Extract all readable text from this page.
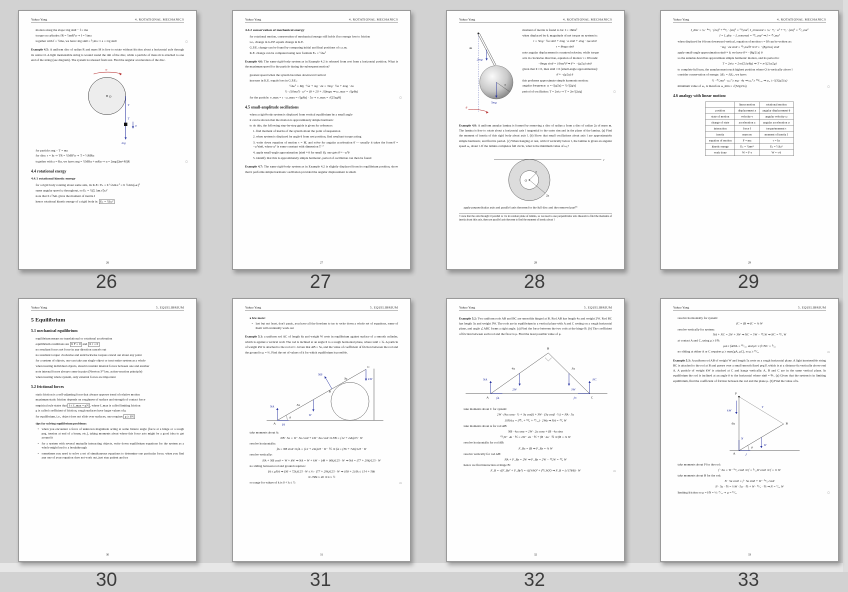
Yuhao Yang	4. ROTATIONAL MECHANICS
motion along the slope: mg sinθ − f = ma
torque on cylinder: fR = ½mR²α ⇒ f = ½ma
together with f = ½ma, we have: mg sinθ = ³⁄₂ma ⇒ a = ⅔g sinθ	□
Example 4.5: A uniform disc of radius R and mass M is free to rotate without friction about a horizontal axle through its centre O. A light inextensible string is wound round the rim of the disc, while a particle of mass m is attached to one end of the string (see diagram). The system is released from rest. Find the angular acceleration of the disc.
α
O
T
T
a
mg
for particle: mg − T = ma
for disc: τ = Iα ⇒ TR = ½MR²α ⇒ T = ½MRα
together with a = Rα, we have: mg = ½MRα + mRα ⇒ α = 2mg⁄(2m+M)R	□
4.4 rotational energy
4.4.1 rotational kinetic energy
for a rigid body rotating about some axis, its K.E.: Eₖ = Σ ½Δmᵢvᵢ² = Σ ½Δmᵢ(ωrᵢ)²
same angular speed ω throughout, so Eₖ = ½(Σ Δmᵢrᵢ²)ω²
note that Σ rᵢ²Δmᵢ gives the moment of inertia I
hence rotational kinetic energy of a rigid body is: Eₖ = ½Iω²
26
Yuhao Yang	4. ROTATIONAL MECHANICS
4.4.2 conservation of mechanical energy
for rotational motion, conservation of mechanical energy still holds if no energy loss to friction
i.e., change in G.P.E equals change in K.E.
G.P.E. change can be found by comparing initial and final positions of c.o.m.
K.E. change can be computed using new formula Eₖ = ½Iω²
Example 4.6: The same rigid-body system as in Example 4.2 is released from rest from a horizontal position. What is the maximum speed for the particle during the subsequent motion?
greatest speed when the system becomes downward vertical
increase in K.E. equals loss in G.P.E.:
½Iω² = Mg · ½a + mg · 2a = 3mg · ½a + 4mg · 2a
½ · (16ma²) · ω² = (8 + 20 + 10)mga ⇒ ω_max = √(g⁄8a)
for the particle: v_max = r · ω_max = √(g⁄8a) · 5a ⇒ v_max = √(25ag⁄8)	□
4.5 small-amplitude oscillations
when a rigid-body system is displaced from vertical equilibrium by a small angle
it can be shown that the motion is approximately simple harmonic
to do this, the following step-by-step guide is given for reference:
1. find moment of inertia of the system about the point of suspension
2. when system is displaced by angle θ from rest position, find resultant torque acting
3. write down equation of motion τ = Iθ̈, and solve for angular acceleration θ̈ — usually it takes the form θ̈ = −ω²sinθ, where ω² is some constant with dimension T⁻²
4. apply small-angle approximation (sinθ ≈ θ for small θ), one gets θ̈ ≈ −ω²θ
5. identify that this is approximately simple harmonic, period of oscillation can then be found
Example 4.7: The same rigid-body system as in Example 4.2 is slightly displaced from its equilibrium position, show that it performs simple harmonic oscillation provided the angular displacement is small.
27
Yuhao Yang	4. ROTATIONAL MECHANICS
4a
a
2mg
5mg
θ
moment of inertia is found to be: I = 16ma²
when displaced by θ, magnitude of net torque on system is:
τ = 5mg · ½a sinθ + 2mg · a sinθ + 2mg · ¼a sinθ
τ = 8mga sinθ
note angular displacement is counterclockwise, while torque
acts in clockwise direction, equation of motion τ = Iθ̈ reads:
−8mga sinθ = 16ma²θ̈ ⇒ θ̈ = −(g⁄2a) sinθ
given that θ ≈ 0, then sinθ ≈ θ (small-angle approximation):
θ̈ ≈ −(g⁄2a) θ
this performs approximate simple harmonic motion:
angular frequency: ω = √(g⁄2a) = ½√(2g⁄a)
period of oscillation: T = 2π⁄ω ⇒ T = 2π√(2a⁄g)	□
Example 4.8: A uniform annular lamina is formed by removing a disc of radius a from a disc of radius 2a of mass m. The lamina is free to rotate about a horizontal axis l tangential to the outer rim and in the plane of the lamina. (a) Find the moment of inertia of this rigid body about axis l. (b) Show that small oscillations about axis l are approximately simple harmonic, and find its period. (c) When hanging at rest, with O vertically below l, the lamina is given an angular speed ω₀ about l. If the lamina completes full circle, what is the minimum value of ω₀?
l
O
a
2a
apply perpendicular axis and parallel axis theorem for the full disc and the removed part¹⁵
¹⁵ note that the axis through O parallel to l is in rotation plane of lamina, so we need to use perpendicular axis theorem to find the moments of inertia about this axis, then use parallel axis theorem to find the moment of inertia about l
28
Yuhao Yang	4. ROTATIONAL MECHANICS
I_disc = ¼ · ⁴ᵐ⁄₃ · (2a)² + ⁴ᵐ⁄₃ · (2a)² = ²⁰⁄₃ma², I_removed = ¼ · ᵐ⁄₃ · a² + ᵐ⁄₃ · (2a)² = ¹⁷⁄₁₂ma²
I = I_disc − I_removed = ⁶³⁄₁₂ma² ⇒ I = ²¹⁄₄ma²
when displaced by θ from downward vertical, equation of motion τ = Iθ̈ can be written as:
−mg · 2a sinθ = ²¹⁄₄ma²θ̈ ⇒ θ̈ = −(8g⁄21a) sinθ
apply small-angle approximation sinθ ≈ θ, we have θ̈ ≈ −(8g⁄21a) θ
so the annulus describes approximate simple harmonic motion, and its period is:
T = 2π⁄ω = 2π√(21a⁄8g) ⇒ T = π√(21a⁄2g)
to complete full turn, the annulus must reach highest position where O is vertically above l
consider conservation of energy: ΔEₖ = ΔEₚ, we have:
½ · ²¹⁄₄ma² · ω₀² ≥ mg · 4a ⇒ ω₀² ≥ ³²ᵍ⁄₂₁ₐ ⇒ ω₀ ≥ √(32g⁄21a)
minimum value of ω₀ is therefore ω_min = √(32g⁄21a)	□
4.6 analogy with linear motion:
	linear motion	rotational motion
position	displacement x	angular displacement θ
state of motion	velocity v	angular velocity ω
change of state	acceleration a	angular acceleration α
interaction	force f	torque/moment τ
inertia	mass m	moment of inertia I
equation of motion	F = ma	τ = Iα
kinetic energy	Eₖ = ½mv²	Eₖ = ½Iω²
work done	W = F·s	W = τ·θ
29
Yuhao Yang	5. EQUILIBRIUM
5 Equilibrium
5.1 mechanical equilibrium
equilibrium means no translational or rotational acceleration
equilibrium conditions are Σ F = 0 and Σ τ = 0
no resultant force: net force in any direction cancels out
no resultant torque: clockwise and anticlockwise torques cancel out about any point
for a system of objects, one can take any single object or treat entire system as a whole
when treating individual objects, should consider internal forces between one and another
note internal forces always come in pairs (Newton 3ʳᵈ law, action-reaction principle)
when treating whole system, only external forces are important
5.2 frictional forces
static friction is a self-adjusting force that always opposes trend of relative motion
maximum static friction depends on roughness of surface and strength of contact force
empirical rule states that f ≤ f_max = μN, where f_max is called limiting friction
μ is called coefficient of friction, rough surfaces have larger values of μ
for equilibrium, i.e., object does not slide over surfaces, one requires μ ≥ f⁄N
tips for solving equilibrium problems:
• when you encounter a force of unknown magnitude acting at some bizarre angle (force at a hinge or a rough peg, tension at end of a beam, etc.), taking moments about where this force acts might be a good idea to get around it
• for a system with several mutually interacting objects, write down equilibrium equations for the system as a whole might lead to a breakthrough
• sometimes you need to solve a set of simultaneous equations to determine one particular force, when you find any one of your equation does not work out, just stay patient and try
30
Yuhao Yang	5. EQUILIBRIUM
a few more:
• last but not least, don’t panic, you have all the freedom to try to write down a whole set of equations, some of them will eventually work out
Example 5.1: a uniform rod AC of length 6a and weight W rests in equilibrium against surface of a smooth cylinder, which is against a vertical wall. The rod is inclined at an angle θ to a rough horizontal plane, where tanθ = ¾. A particle of weight kW is attached to the rod at C. Given that AB = 5a, and the value of coefficient of friction between the rod and the ground is μ = ⅔. Find the set of values of k for which equilibrium is possible.
A
C
B
θ
NA
fA
NB
W
kW
3a
3a
take moments about A:
NB · 5a = W · 3a cosθ + kW · 6a cosθ ⇒ NB = (12 + 24k)⁄25 · W
resolve horizontally:
fA = NB sinθ ⇒ fA = (12 + 24k)⁄25 · W · ⅗ ⇒ fA = (36 + 72k)⁄125 · W
resolve vertically:
NA + NB cosθ = W + kW ⇒ NA = W + kW − (48 + 96k)⁄125 · W ⇒ NA = (77 + 29k)⁄125 · W
no sliding between rod and ground requires:
fA ≤ μNA ⇒ (36 + 72k)⁄125 · W ≤ ⅔ · (77 + 29k)⁄125 · W ⇒ 108 + 216k ≤ 154 + 58k
⇒ 158k ≤ 46 ⇒ k ≤ ½
so range for values of k is 0 < k ≤ ½	□
31
Yuhao Yang	5. EQUILIBRIUM
Example 5.2: Two uniform rods AB and BC are smoothly hinged at B. Rod AB has length 4a and weight 2W. Rod BC has length 3a and weight 3W. The rods are in equilibrium in a vertical plane with A and C resting on a rough horizontal plane, and angle ∠ABC forms a right angle. (a) Find the force between the two rods at the hinge B. (b) The coefficient of friction between each rod and the floor is μ. Find the least possible value of μ.
A
B
C
NA	NC
fA	fC
2W	3W
4a	3a
take moments about C for system:
2W · (4a cosα · ½ + 3a cosβ) + 3W · (3a cosβ · ½) = NA · 5a
10NA a = (²⁸⁄₅ + ⁵⁴⁄₅ + ²⁷⁄₁₀) · 2Wa ⇒ NA = ¹³⁄₅ W
take moments about A for rod AB:
NB · 4a cosα = 2W · 2a cosα + fB · 4a sinα
¹³⁄₅W · 4a · ⅘ = 2W · 2a · ⅘ + fB · 4a · ⅗ ⇒ fB = ⅜ W
resolve horizontally for rod AB:
F_Bx = fB ⇒ F_Bx = ⅜ W
resolve vertically for rod AB:
NA + F_By = 2W ⇒ F_By = 2W − ¹³⁄₅W = ¹³⁄₈ W
hence we find interaction at hinge B:
F_B = √(F_Bx² + F_By²) = √((⅜W)² + (¹³⁄₈W)²) ⇒ F_B = (√178⁄8) · W	□
32
Yuhao Yang	5. EQUILIBRIUM
resolve horizontally for system:
fC = fB ⇒ fC = ⅜ W
resolve vertically for system:
NA + NC = 2W + 3W ⇒ NC = 5W − ¹³⁄₅W ⇒ NC = ¹²⁄₅ W
at contact A and C, using μ ≥ f⁄N:
μA ≥ fA⁄NA = ¹⁵⁄₁₀₄ and μC ≥ fC⁄NC = ⁵⁄₃₂
no sliding at either A or C requires μ ≥ max(μA, μC), so μ ≥ ¹⁵⁄₃₂	□
Example 5.3: A uniform rod AB of weight W and length 5a rests on a rough horizontal plane. A light inextensible string BC is attached to the rod at B and passes over a small smooth fixed peg P, which is at a distance 6a vertically above end A. A particle of weight kW is attached at C and hangs vertically. A, B and C are in the same vertical plane. In equilibrium the rod is inclined at an angle θ to the horizontal where sinθ = ⅗. (a) Given that the system is in limiting equilibrium, find the coefficient of friction between the rod and the plane μ. (b) Find the value of k.
P
A
6a	B
T
kW
N
f
W
θ
take moments about P for the rod:
f · 6a = W · ⁵ᵃ⁄₂ cosθ ⇒ f = ⁵⁄₁₂W cosθ ⇒ f = ⅓ W
take moments about B for the rod:
N · 5a cosθ = f · 5a sinθ + W · ⁵ᵃ⁄₂ cosθ
N · 5a · ⅘ = ⅓W · 5a · ⅗ + W · ⁵ᵃ⁄₂ · ⅘ ⇒ N = ⁷⁄₁₀ W
limiting friction so μ = f⁄N = ⅓ ⁄ ⁷⁄₁₀ ⇒ μ = ¹⁰⁄₂₁	□
33
26	27	28	29
30	31	32	33
